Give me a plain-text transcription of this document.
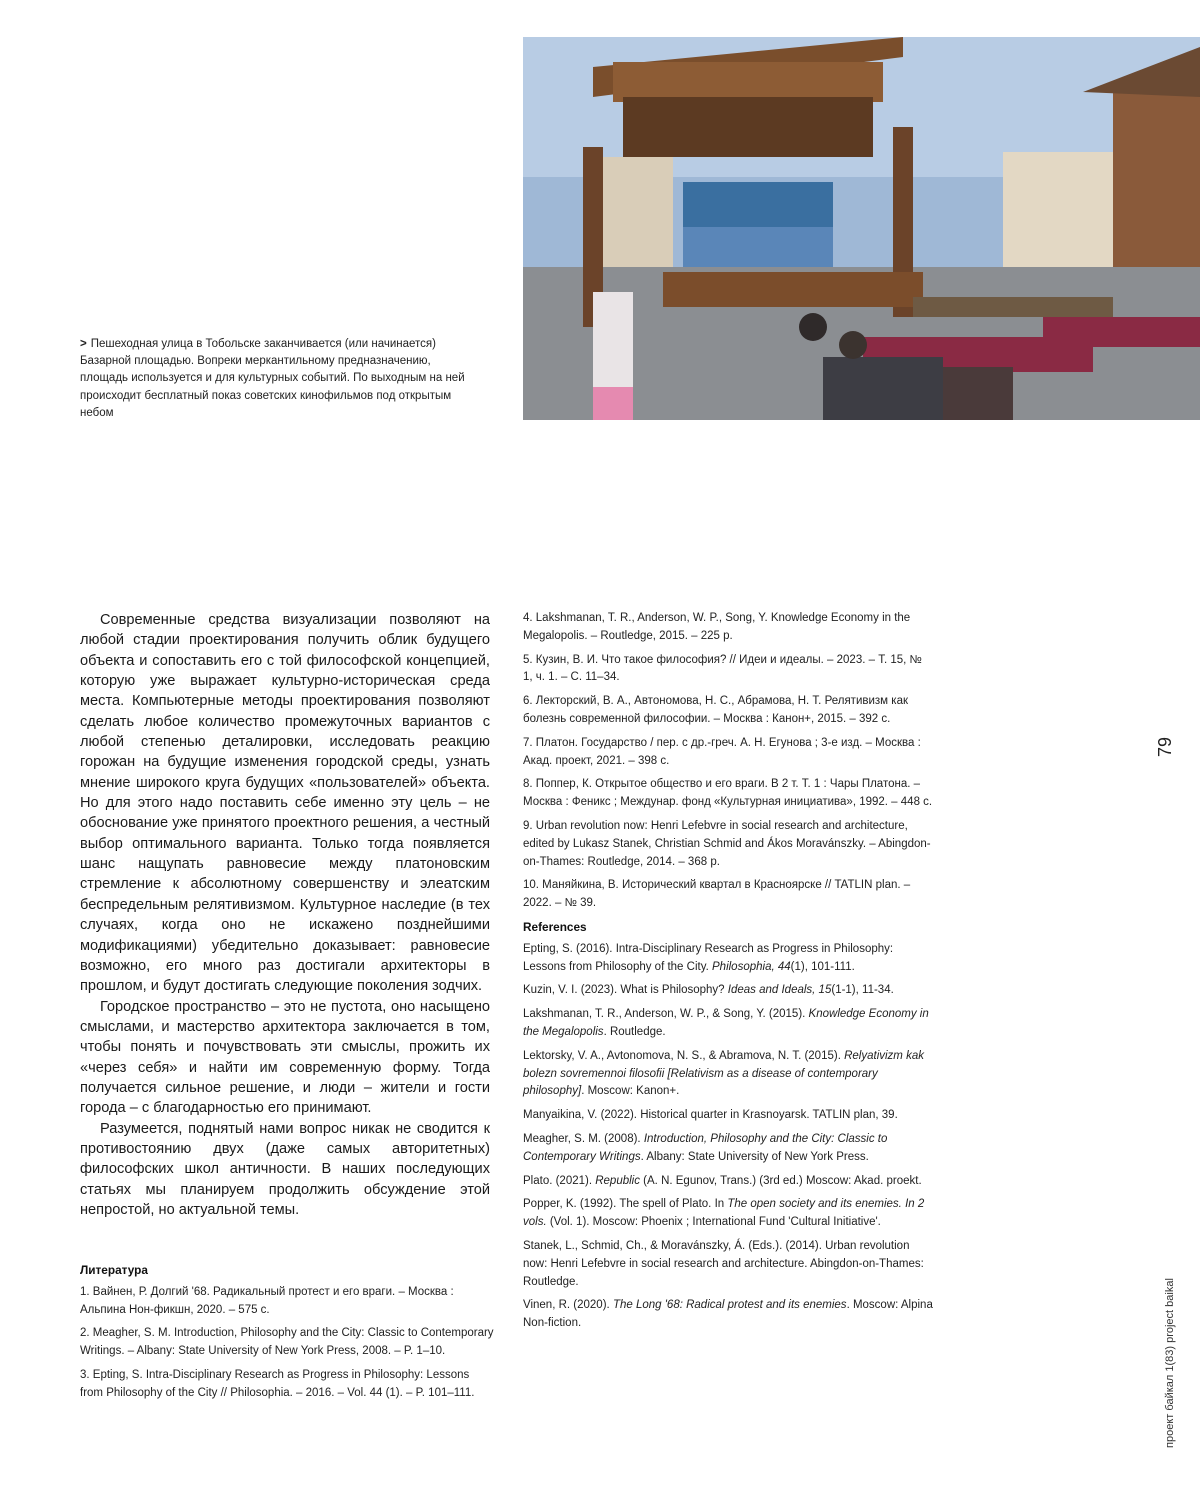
> Пешеходная улица в Тобольске заканчивается (или начинается) Базарной площадью. Вопреки меркантильному предназначению, площадь используется и для культурных событий. По выходным на ней происходит бесплатный показ советских кинофильмов под открытым небом

Современные средства визуализации позволяют на любой стадии проектирования получить облик будущего объекта и сопоставить его с той философской концепцией, которую уже выражает культурно-историческая среда места. Компьютерные методы проектирования позволяют сделать любое количество промежуточных вариантов с любой степенью деталировки, исследовать реакцию горожан на будущие изменения городской среды, узнать мнение широкого круга будущих «пользователей» объекта. Но для этого надо поставить себе именно эту цель – не обоснование уже принятого проектного решения, а честный выбор оптимального варианта. Только тогда появляется шанс нащупать равновесие между платоновским стремление к абсолютному совершенству и элеатским беспредельным релятивизмом. Культурное наследие (в тех случаях, когда оно не искажено позднейшими модификациями) убедительно доказывает: равновесие возможно, его много раз достигали архитекторы в прошлом, и будут достигать следующие поколения зодчих.

Городское пространство – это не пустота, оно насыщено смыслами, и мастерство архитектора заключается в том, чтобы понять и почувствовать эти смыслы, прожить их «через себя» и найти им современную форму. Тогда получается сильное решение, и люди – жители и гости города – с благодарностью его принимают.

Разумеется, поднятый нами вопрос никак не сводится к противостоянию двух (даже самых авторитетных) философских школ античности. В наших последующих статьях мы планируем продолжить обсуждение этой непростой, но актуальной темы.

Литература
1. Вайнен, Р. Долгий '68. Радикальный протест и его враги. – Москва : Альпина Нон-фикшн, 2020. – 575 с.
2. Meagher, S. M. Introduction, Philosophy and the City: Classic to Contemporary Writings. – Albany: State University of New York Press, 2008. – P. 1–10.
3. Epting, S. Intra-Disciplinary Research as Progress in Philosophy: Lessons from Philosophy of the City // Philosophia. – 2016. – Vol. 44 (1). – P. 101–111.
4. Lakshmanan, T. R., Anderson, W. P., Song, Y. Knowledge Economy in the Megalopolis. – Routledge, 2015. – 225 p.
5. Кузин, В. И. Что такое философия? // Идеи и идеалы. – 2023. – Т. 15, № 1, ч. 1. – С. 11–34.
6. Лекторский, В. А., Автономова, Н. С., Абрамова, Н. Т. Релятивизм как болезнь современной философии. – Москва : Канон+, 2015. – 392 с.
7. Платон. Государство / пер. с др.-греч. А. Н. Егунова ; 3-е изд. – Москва : Акад. проект, 2021. – 398 с.
8. Поппер, К. Открытое общество и его враги. В 2 т. Т. 1 : Чары Платона. – Москва : Феникс ; Междунар. фонд «Культурная инициатива», 1992. – 448 с.
9. Urban revolution now: Henri Lefebvre in social research and architecture, edited by Lukasz Stanek, Christian Schmid and Ákos Moravánszky. – Abingdon-on-Thames: Routledge, 2014. – 368 p.
10. Маняйкина, В. Исторический квартал в Красноярске // TATLIN plan. – 2022. – № 39.
References
Epting, S. (2016). Intra-Disciplinary Research as Progress in Philosophy: Lessons from Philosophy of the City. Philosophia, 44(1), 101-111.
Kuzin, V. I. (2023). What is Philosophy? Ideas and Ideals, 15(1-1), 11-34.
Lakshmanan, T. R., Anderson, W. P., & Song, Y. (2015). Knowledge Economy in the Megalopolis. Routledge.
Lektorsky, V. A., Avtonomova, N. S., & Abramova, N. T. (2015). Relyativizm kak bolezn sovremennoi filosofii [Relativism as a disease of contemporary philosophy]. Moscow: Kanon+.
Manyaikina, V. (2022). Historical quarter in Krasnoyarsk. TATLIN plan, 39.
Meagher, S. M. (2008). Introduction, Philosophy and the City: Classic to Contemporary Writings. Albany: State University of New York Press.
Plato. (2021). Republic (A. N. Egunov, Trans.) (3rd ed.) Moscow: Akad. proekt.
Popper, K. (1992). The spell of Plato. In The open society and its enemies. In 2 vols. (Vol. 1). Moscow: Phoenix ; International Fund 'Cultural Initiative'.
Stanek, L., Schmid, Ch., & Moravánszky, Á. (Eds.). (2014). Urban revolution now: Henri Lefebvre in social research and architecture. Abingdon-on-Thames: Routledge.
Vinen, R. (2020). The Long '68: Radical protest and its enemies. Moscow: Alpina Non-fiction.
79
проект байкал 1(83) project baikal
